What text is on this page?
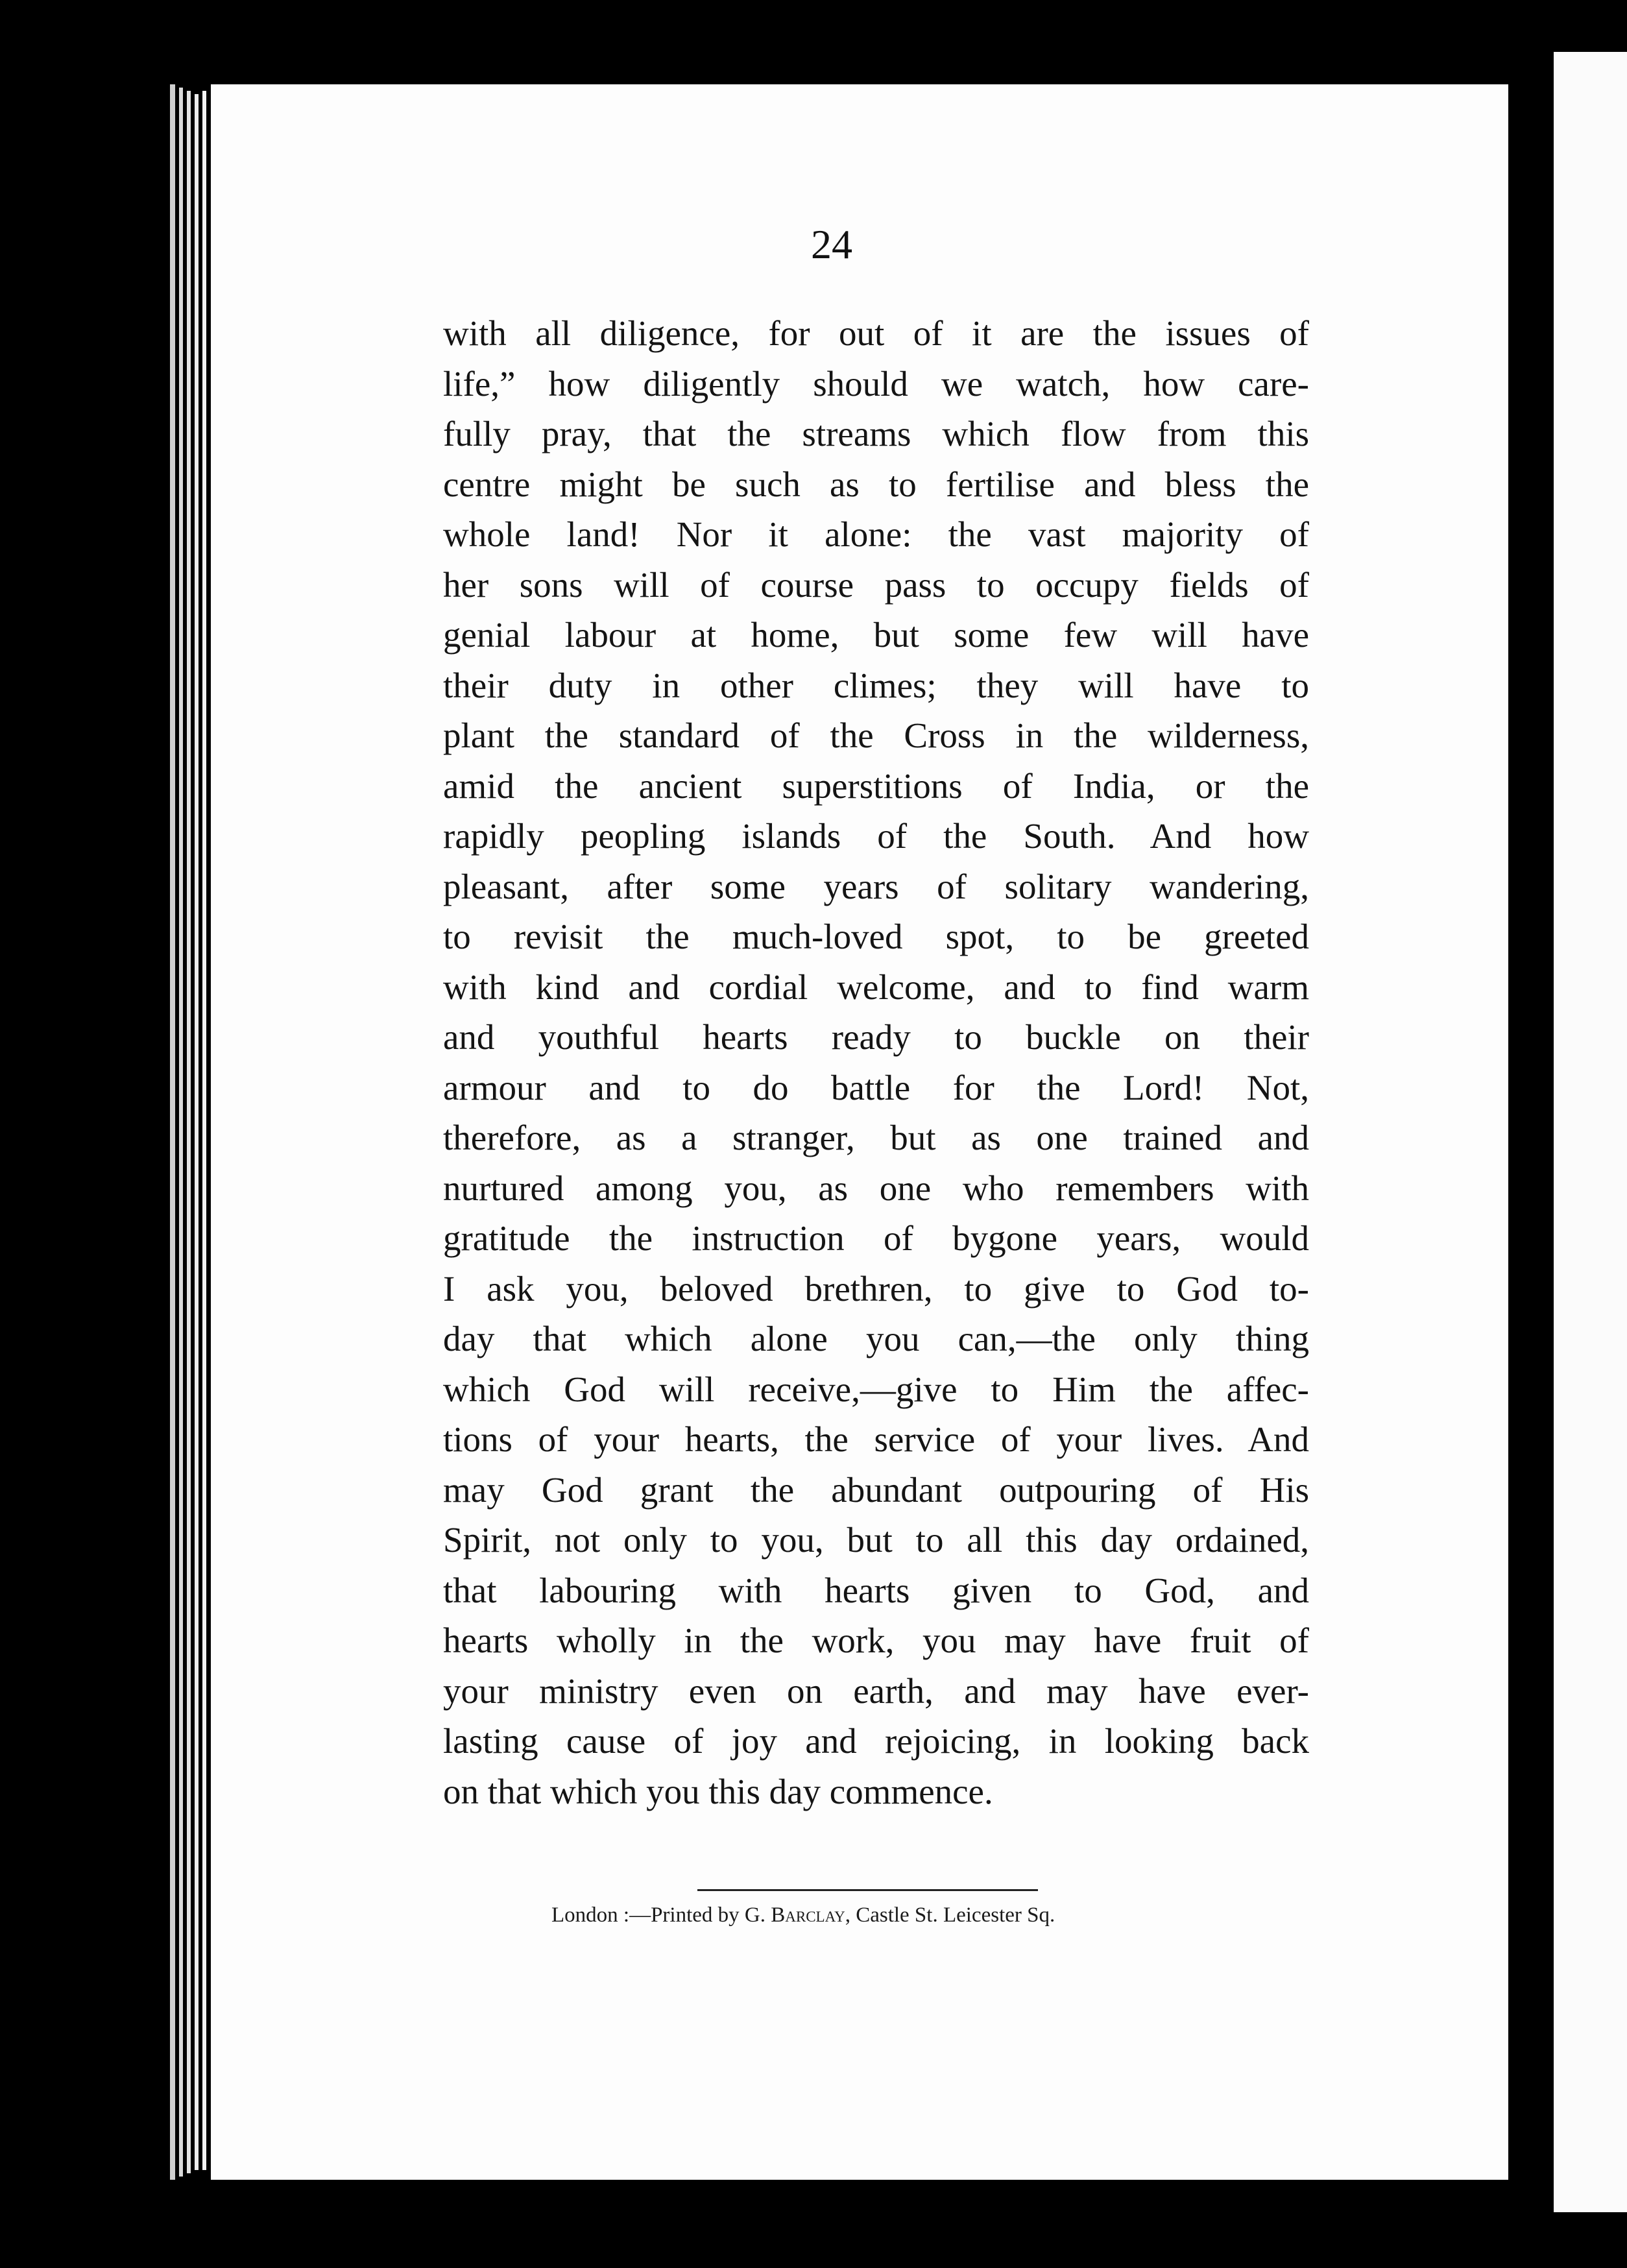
24
with all diligence, for out of it are the issues of
life,” how diligently should we watch, how care-
fully pray, that the streams which flow from this
centre might be such as to fertilise and bless the
whole land! Nor it alone: the vast majority of
her sons will of course pass to occupy fields of
genial labour at home, but some few will have
their duty in other climes; they will have to
plant the standard of the Cross in the wilderness,
amid the ancient superstitions of India, or the
rapidly peopling islands of the South. And how
pleasant, after some years of solitary wandering,
to revisit the much-loved spot, to be greeted
with kind and cordial welcome, and to find warm
and youthful hearts ready to buckle on their
armour and to do battle for the Lord! Not,
therefore, as a stranger, but as one trained and
nurtured among you, as one who remembers with
gratitude the instruction of bygone years, would
I ask you, beloved brethren, to give to God to-
day that which alone you can,—the only thing
which God will receive,—give to Him the affec-
tions of your hearts, the service of your lives. And
may God grant the abundant outpouring of His
Spirit, not only to you, but to all this day ordained,
that labouring with hearts given to God, and
hearts wholly in the work, you may have fruit of
your ministry even on earth, and may have ever-
lasting cause of joy and rejoicing, in looking back
on that which you this day commence.
London :—Printed by G. Barclay, Castle St. Leicester Sq.
